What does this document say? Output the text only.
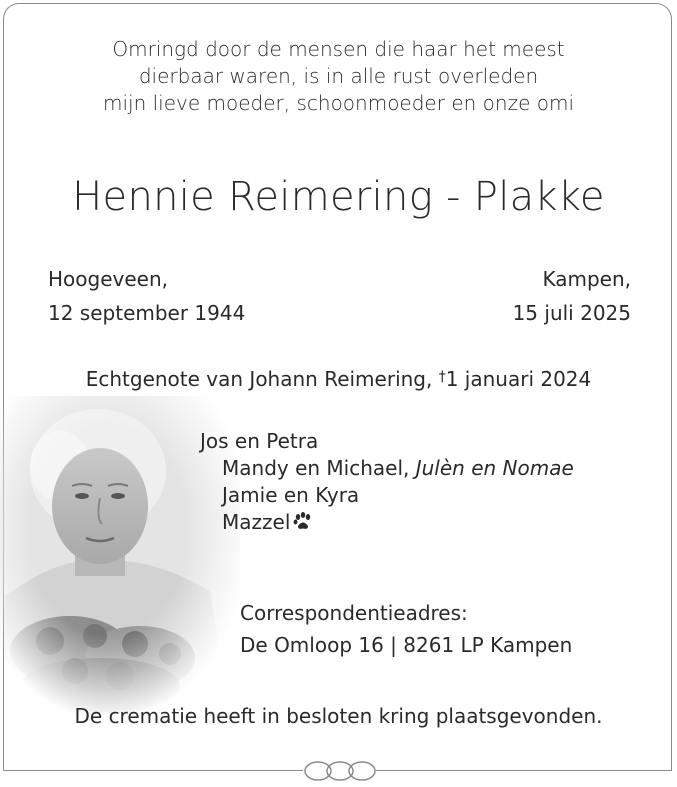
Omringd door de mensen die haar het meest
dierbaar waren, is in alle rust overleden
mijn lieve moeder, schoonmoeder en onze omi
Hennie Reimering - Plakke
Hoogeveen,
12 september 1944
Kampen,
15 juli 2025
Echtgenote van Johann Reimering, †1 januari 2024
Jos en Petra
Mandy en Michael, Julèn en Nomae
Jamie en Kyra
Mazzel
Correspondentieadres:
De Omloop 16 | 8261 LP Kampen
De crematie heeft in besloten kring plaatsgevonden.
